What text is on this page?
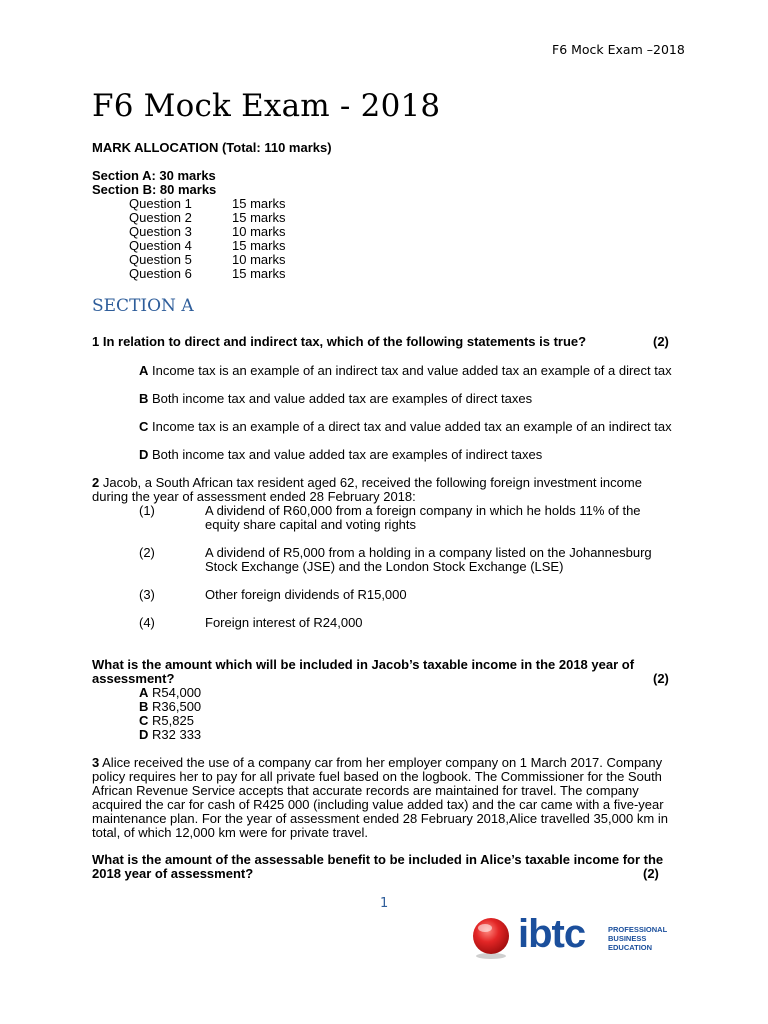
F6 Mock Exam –2018
F6 Mock Exam - 2018
MARK ALLOCATION (Total: 110 marks)
Section A: 30 marks
Section B: 80 marks
Question 1	15 marks
Question 2	15 marks
Question 3	10 marks
Question 4	15 marks
Question 5	10 marks
Question 6	15 marks
SECTION A
1 In relation to direct and indirect tax, which of the following statements is true?	(2)
A Income tax is an example of an indirect tax and value added tax an example of a direct tax
B Both income tax and value added tax are examples of direct taxes
C Income tax is an example of a direct tax and value added tax an example of an indirect tax
D Both income tax and value added tax are examples of indirect taxes
2 Jacob, a South African tax resident aged 62, received the following foreign investment income
during the year of assessment ended 28 February 2018:
(1)	A dividend of R60,000 from a foreign company in which he holds 11% of the
equity share capital and voting rights
(2)	A dividend of R5,000 from a holding in a company listed on the Johannesburg
Stock Exchange (JSE) and the London Stock Exchange (LSE)
(3)	Other foreign dividends of R15,000
(4)	Foreign interest of R24,000
What is the amount which will be included in Jacob’s taxable income in the 2018 year of
assessment?	(2)
A R54,000
B R36,500
C R5,825
D R32 333
3 Alice received the use of a company car from her employer company on 1 March 2017. Company
policy requires her to pay for all private fuel based on the logbook. The Commissioner for the South
African Revenue Service accepts that accurate records are maintained for travel. The company
acquired the car for cash of R425 000 (including value added tax) and the car came with a five-year
maintenance plan. For the year of assessment ended 28 February 2018,Alice travelled 35,000 km in
total, of which 12,000 km were for private travel.
What is the amount of the assessable benefit to be included in Alice’s taxable income for the
2018 year of assessment?	(2)
1
ibtc	PROFESSIONAL
BUSINESS
EDUCATION
